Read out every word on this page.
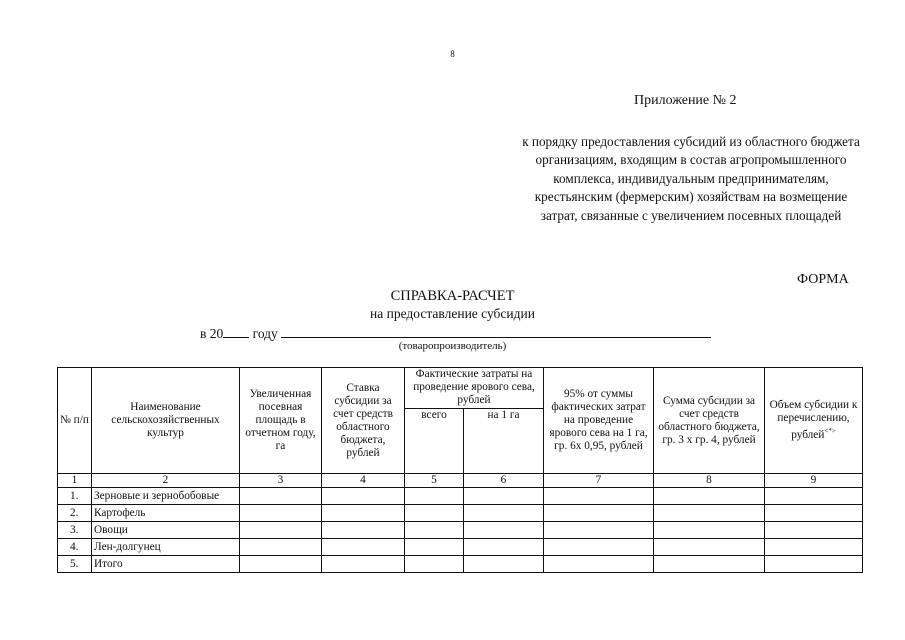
8
Приложение № 2
к порядку предоставления субсидий из областного бюджета организациям, входящим в состав агропромышленного комплекса, индивидуальным предпринимателям, крестьянским (фермерским) хозяйствам на возмещение затрат, связанные с увеличением посевных площадей
ФОРМА
СПРАВКА-РАСЧЕТ
на предоставление субсидии
в 20 году
(товаропроизводитель)
№ п/п	Наименование сельскохозяйственных культур	Увеличенная посевная площадь в отчетном году, га	Ставка субсидии за счет средств областного бюджета, рублей	Фактические затраты на проведение ярового сева, рублей		95% от суммы фактических затрат на проведение ярового сева на 1 га, гр. 6х 0,95, рублей	Сумма субсидии за счет средств областного бюджета, гр. 3 х гр. 4, рублей	Объем субсидии к перечислению, рублей<*>
				всего	на 1 га			
1	2	3	4	5	6	7	8	9
1.	Зерновые и зернобобовые							
2.	Картофель							
3.	Овощи							
4.	Лен-долгунец							
5.	Итого							
